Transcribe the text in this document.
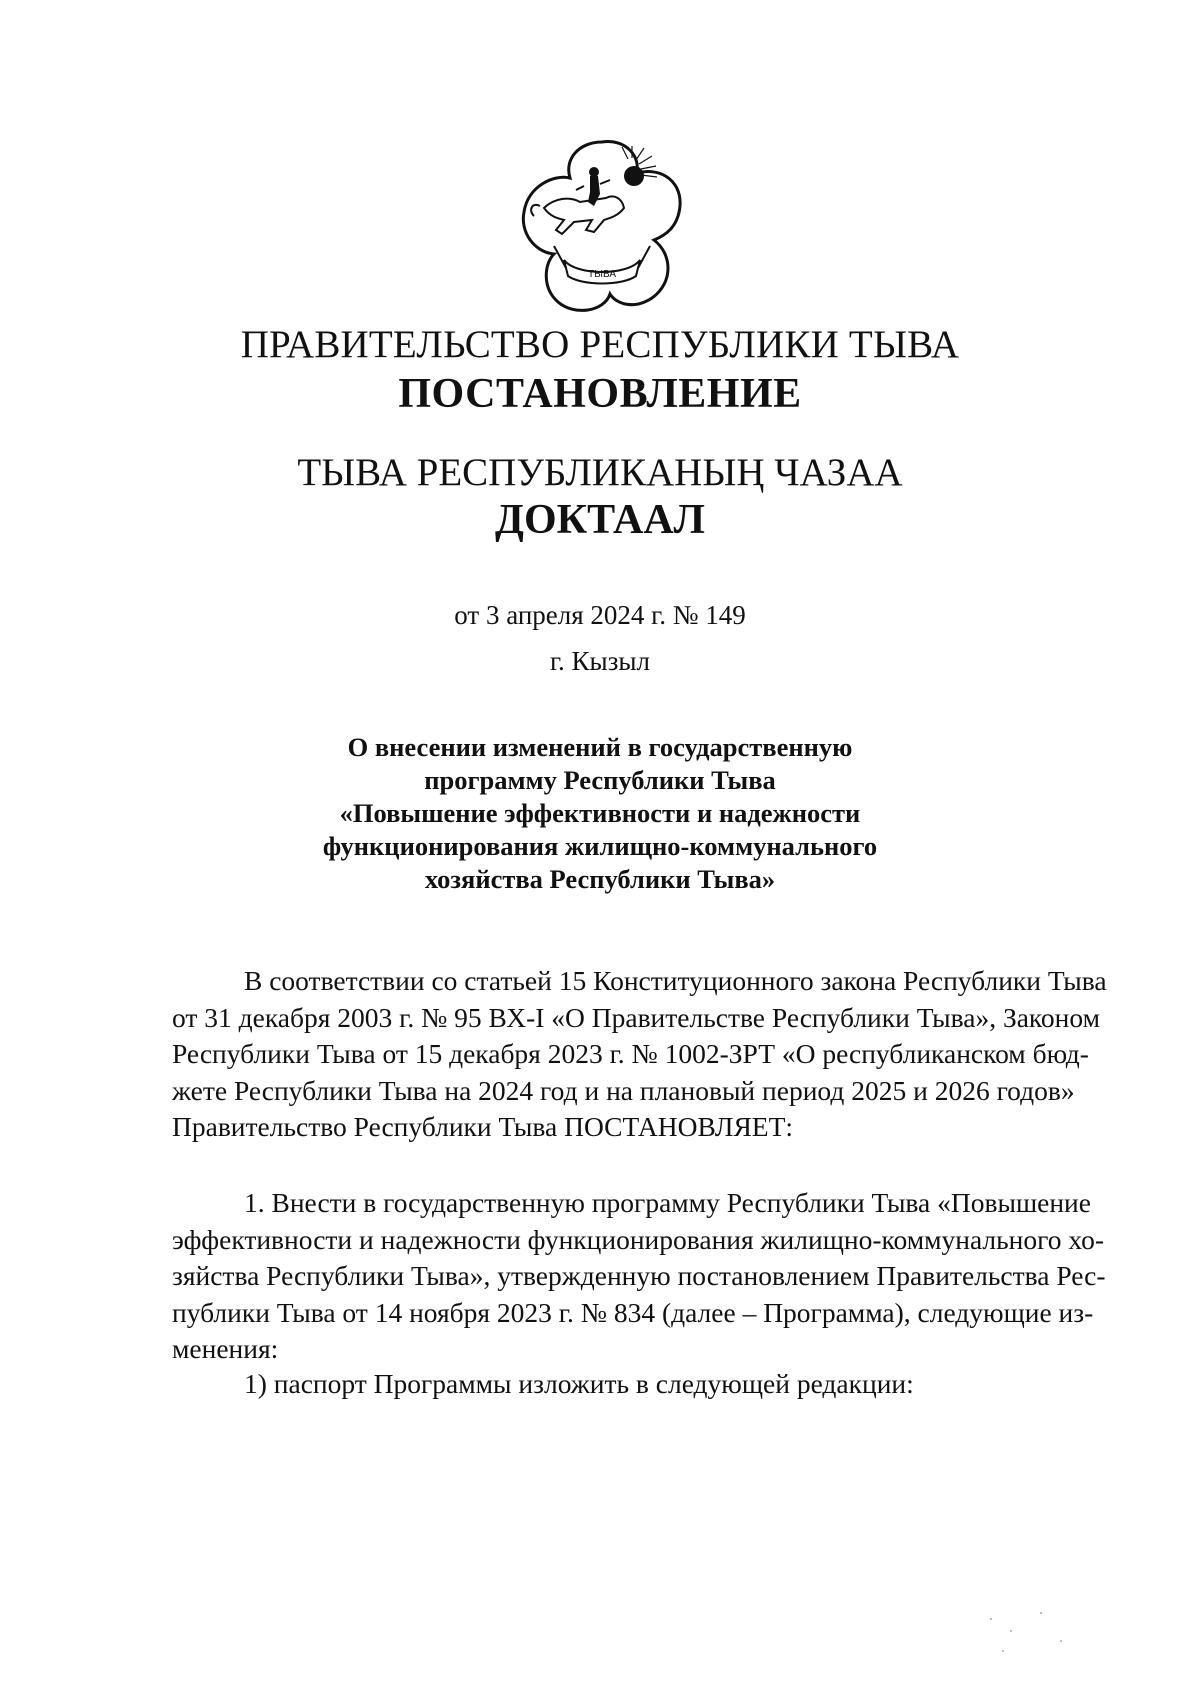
ТЫВА
ПРАВИТЕЛЬСТВО РЕСПУБЛИКИ ТЫВА
ПОСТАНОВЛЕНИЕ
ТЫВА РЕСПУБЛИКАНЫҢ ЧАЗАА
ДОКТААЛ
от 3 апреля 2024 г. № 149
г. Кызыл
О внесении изменений в государственную
программу Республики Тыва
«Повышение эффективности и надежности
функционирования жилищно-коммунального
хозяйства Республики Тыва»
В соответствии со статьей 15 Конституционного закона Республики Тыва
от 31 декабря 2003 г. № 95 ВХ-I «О Правительстве Республики Тыва», Законом
Республики Тыва от 15 декабря 2023 г. № 1002-ЗРТ «О республиканском бюд-
жете Республики Тыва на 2024 год и на плановый период 2025 и 2026 годов»
Правительство Республики Тыва ПОСТАНОВЛЯЕТ:
1. Внести в государственную программу Республики Тыва «Повышение
эффективности и надежности функционирования жилищно-коммунального хо-
зяйства Республики Тыва», утвержденную постановлением Правительства Рес-
публики Тыва от 14 ноября 2023 г. № 834 (далее – Программа), следующие из-
менения:
1) паспорт Программы изложить в следующей редакции:
